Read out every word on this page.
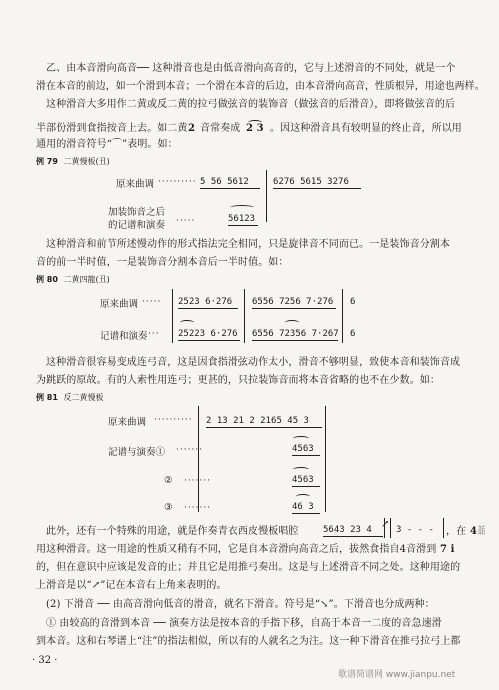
乙、由本音滑向高音── 这种滑音也是由低音滑向高音的，它与上述滑音的不同处，就是一个
滑在本音的前边，如一个滑到本音；一个滑在本音的后边，由本音滑向高音，性质根异，用途也两样。
这种滑音大多用作二黄或反二黄的拉弓做弦音的装饰音（做弦音的后滑音），即将做弦音的后
半部份滑到食指按音上去。如二黄 2 音常奏成 2 3 。因这种滑音具有较明显的终止音，所以用
通用的滑音符号“⌒”表明。如：
例 79 二黄慢板(丑)
原来曲调 ·········· 5 56 5612	6276 5615 3276
加装饰音之后
的记谱和演奏 ·····	56123
这种滑音和前节所述慢动作的形式指法完全相同，只是旋律音不同而已。一是装饰音分割本
音的前一半时值，一是装饰音分割本音后一半时值。如：
例 80 二黄四龍(丑)
原来曲调 ····· 2523 6·276 6556 7256 7·276 6
记谱和演奏 ··· 25223 6·276 6556 72356 7·267 6
这种滑音很容易变成连弓音，这是因食指滑弦动作太小，滑音不够明显，致使本音和装饰音成
为跳跃的原故。有的人索性用连弓；更甚的，只拉装饰音而将本音省略的也不在少数。如：
例 81 反二黄慢板
原来曲调 ·········· 2 13 21 2 2165 45 3
記谱与演奏① ·······	4563
② ·······	4563
③ ·······	46 3
此外，还有一个特殊的用途，就是作奏青衣西皮慢板唱腔	5643 23 4 ↗ 3 - - - ，在 4 音后
用这种滑音。这一用途的性质又稍有不同，它是自本音滑向高音之后，拔然食指自4音滑到 7 i
的，但在意识中应该是发音的止；并且它是用推弓奏出。这是与上述滑音不同之处。这种用途的
上滑音是以“↗”记在本音右上角来表明的。
(2) 下滑音 ── 由高音滑向低音的滑音，就名下滑音。符号是“↘”。下滑音也分成两种：
① 由较高的音滑到本音 ── 演奏方法是按本音的手指下移，自高于本音一二度的音急速滑
到本音。这和右琴谱上“注”的指法相似，所以有的人就名之为注。这一种下滑音在推弓拉弓上都
· 32 ·
歌谱简谱网 www.jianpu.net
